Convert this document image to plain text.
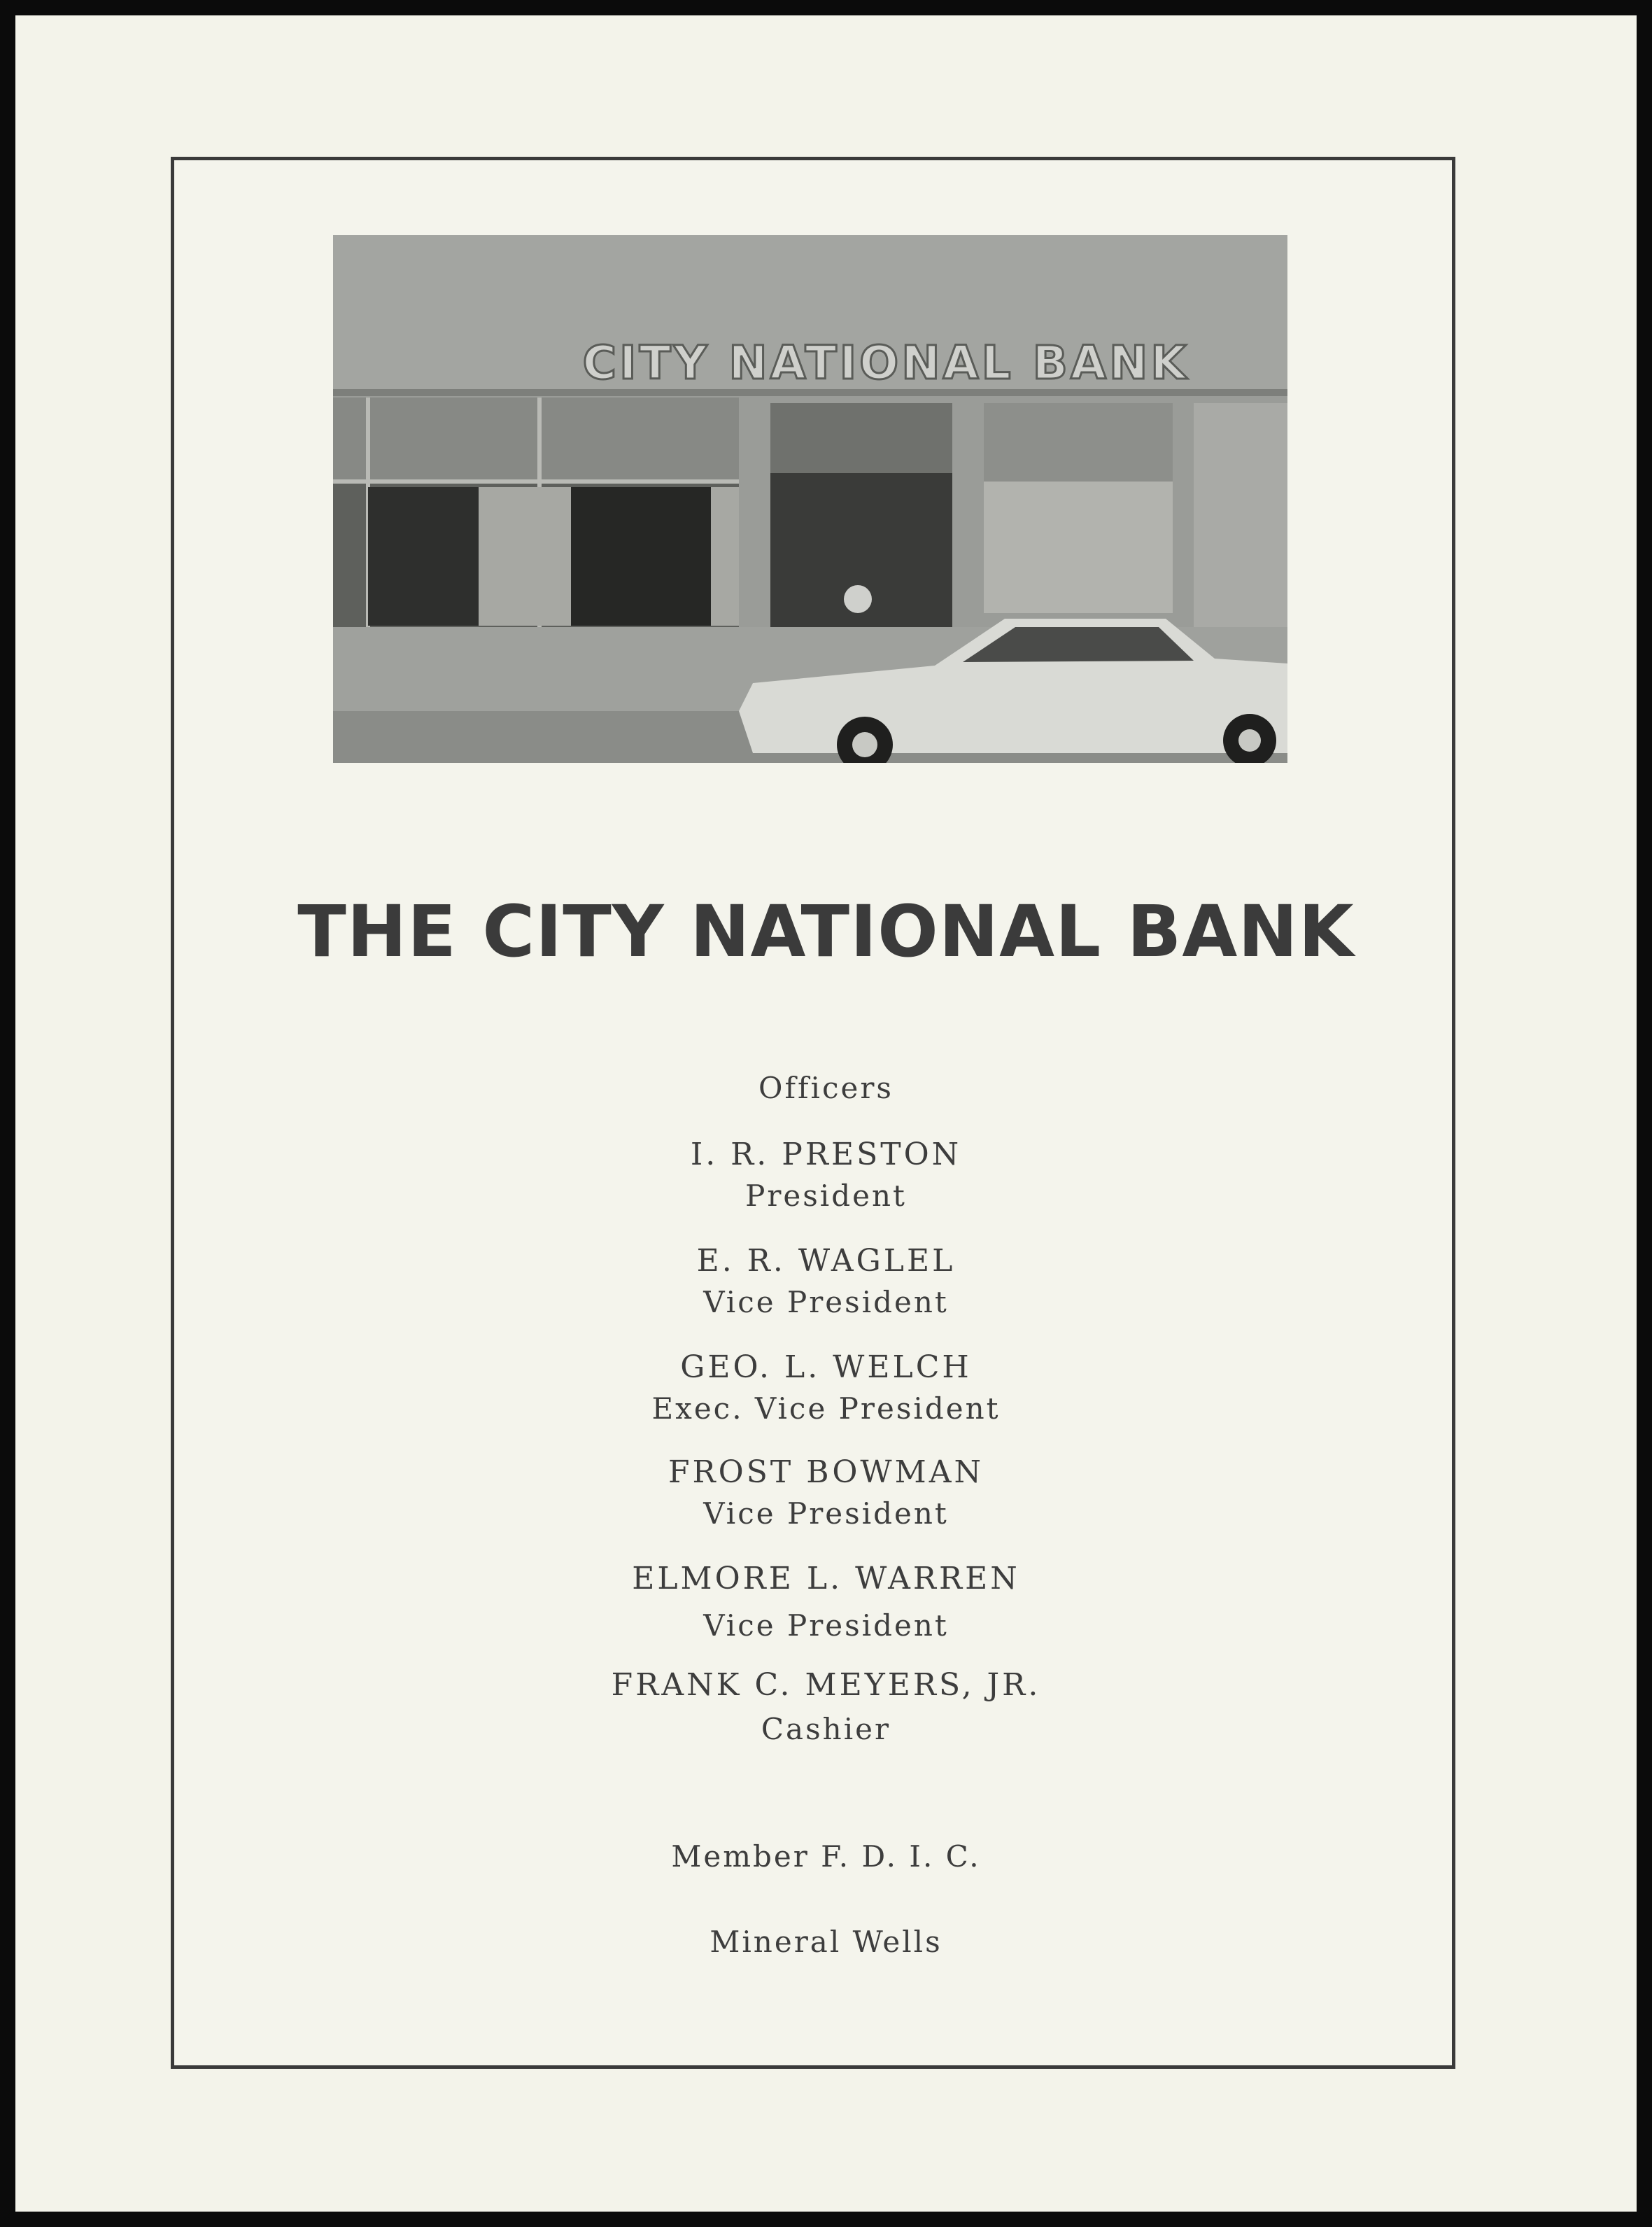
CITY NATIONAL BANK
THE CITY NATIONAL BANK
Officers
I. R. PRESTON
President
E. R. WAGLEL
Vice President
GEO. L. WELCH
Exec. Vice President
FROST BOWMAN
Vice President
ELMORE L. WARREN
Vice President
FRANK C. MEYERS, JR.
Cashier
Member F. D. I. C.
Mineral Wells
